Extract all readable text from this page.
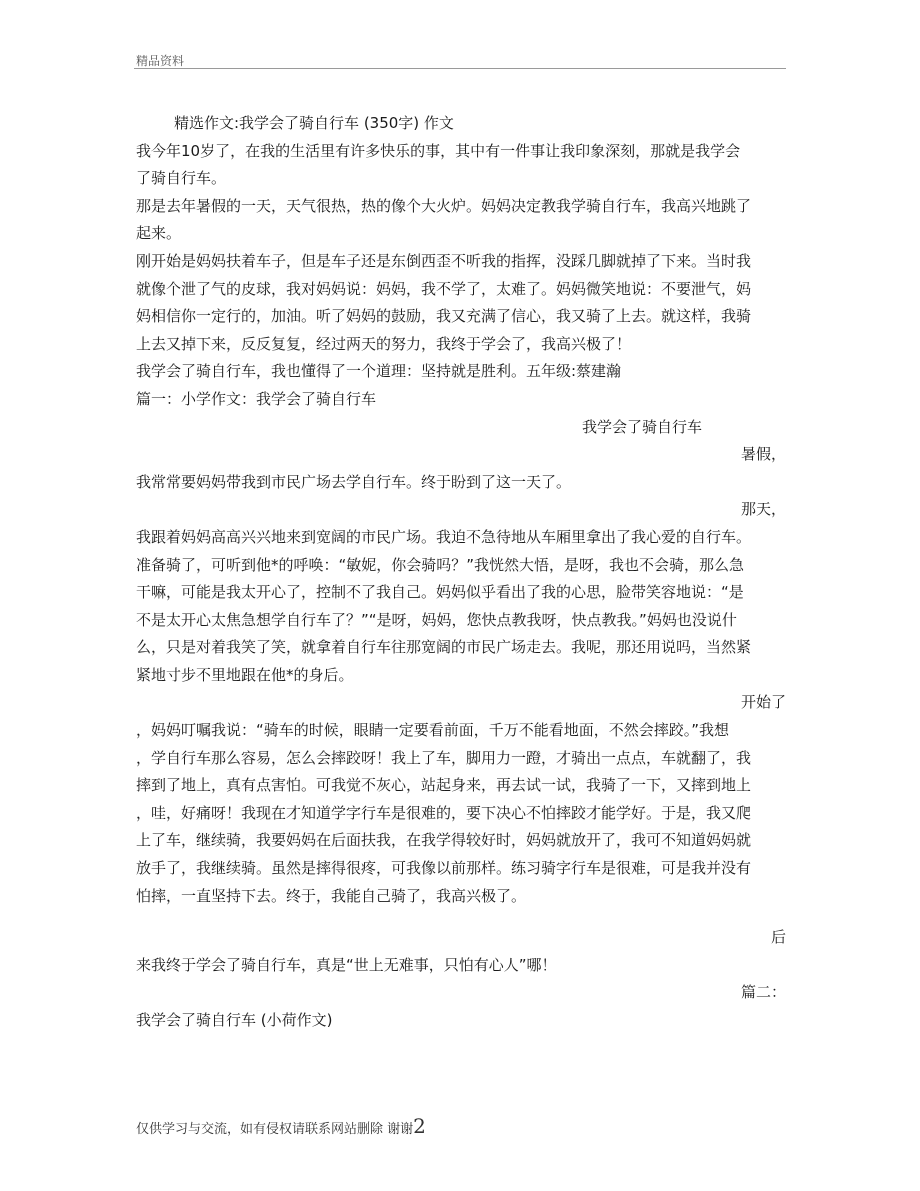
精品资料
精选作文:我学会了骑自行车 (350字) 作文
我今年10岁了，在我的生活里有许多快乐的事，其中有一件事让我印象深刻，那就是我学会
了骑自行车。
那是去年暑假的一天，天气很热，热的像个大火炉。妈妈决定教我学骑自行车，我高兴地跳了
起来。
刚开始是妈妈扶着车子，但是车子还是东倒西歪不听我的指挥，没踩几脚就掉了下来。当时我
就像个泄了气的皮球，我对妈妈说：妈妈，我不学了，太难了。妈妈微笑地说：不要泄气，妈
妈相信你一定行的，加油。听了妈妈的鼓励，我又充满了信心，我又骑了上去。就这样，我骑
上去又掉下来，反反复复，经过两天的努力，我终于学会了，我高兴极了！
我学会了骑自行车，我也懂得了一个道理：坚持就是胜利。五年级:蔡建瀚
篇一：小学作文：我学会了骑自行车
我学会了骑自行车
暑假，
我常常要妈妈带我到市民广场去学自行车。终于盼到了这一天了。
那天，
我跟着妈妈高高兴兴地来到宽阔的市民广场。我迫不急待地从车厢里拿出了我心爱的自行车。
准备骑了，可听到他*的呼唤：“敏妮，你会骑吗？”我恍然大悟，是呀，我也不会骑，那么急
干嘛，可能是我太开心了，控制不了我自己。妈妈似乎看出了我的心思，脸带笑容地说：“是
不是太开心太焦急想学自行车了？”“是呀，妈妈，您快点教我呀，快点教我。”妈妈也没说什
么，只是对着我笑了笑，就拿着自行车往那宽阔的市民广场走去。我呢，那还用说吗，当然紧
紧地寸步不里地跟在他*的身后。
开始了
，妈妈叮嘱我说：“骑车的时候，眼睛一定要看前面，千万不能看地面，不然会摔跤。”我想
，学自行车那么容易，怎么会摔跤呀！我上了车，脚用力一蹬，才骑出一点点，车就翻了，我
摔到了地上，真有点害怕。可我觉不灰心，站起身来，再去试一试，我骑了一下，又摔到地上
，哇，好痛呀！我现在才知道学字行车是很难的，要下决心不怕摔跤才能学好。于是，我又爬
上了车，继续骑，我要妈妈在后面扶我，在我学得较好时，妈妈就放开了，我可不知道妈妈就
放手了，我继续骑。虽然是摔得很疼，可我像以前那样。练习骑字行车是很难，可是我并没有
怕摔，一直坚持下去。终于，我能自己骑了，我高兴极了。
后
来我终于学会了骑自行车，真是“世上无难事，只怕有心人”哪！
篇二：
我学会了骑自行车 (小荷作文)
仅供学习与交流，如有侵权请联系网站删除 谢谢2
